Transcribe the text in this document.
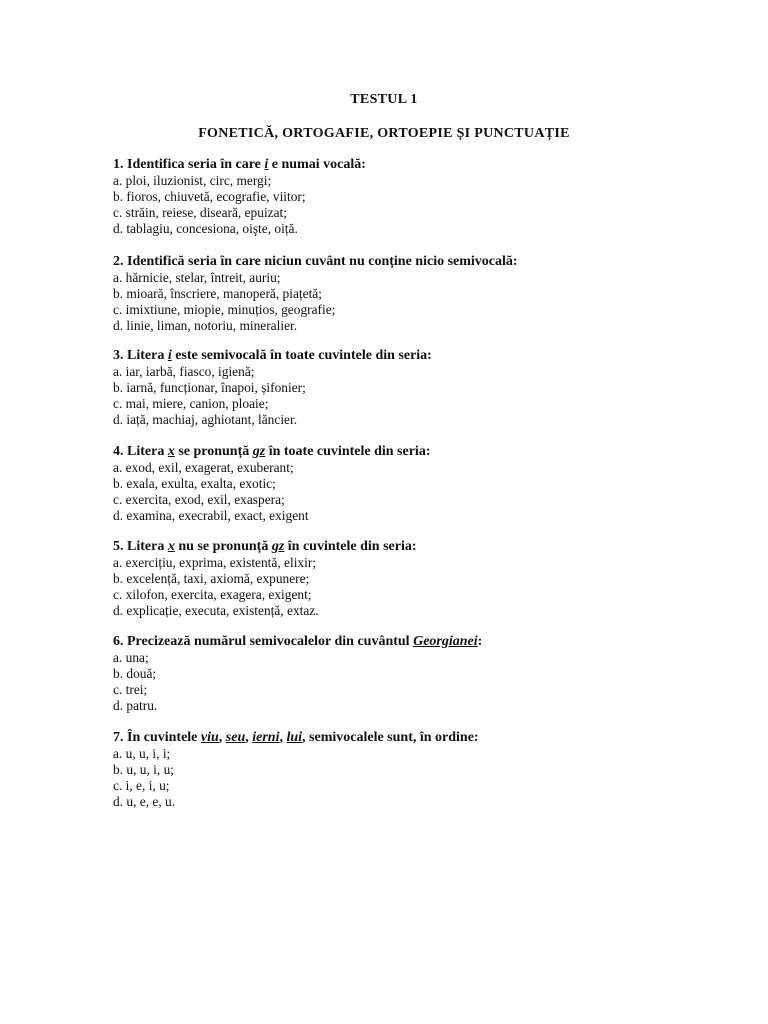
TESTUL 1
FONETICĂ, ORTOGAFIE, ORTOEPIE ȘI PUNCTUAȚIE
1. Identifica seria în care i e numai vocală:
a. ploi, iluzionist, circ, mergi;
b. fioros, chiuvetă, ecografie, viitor;
c. străin, reiese, diseară, epuizat;
d. tablagiu, concesiona, oişte, oiță.
2. Identifică seria în care niciun cuvânt nu conține nicio semivocală:
a. hărnicie, stelar, întreit, auriu;
b. mioară, înscriere, manoperă, piațetă;
c. imixtiune, miopie, minuțios, geografie;
d. linie, liman, notoriu, mineralier.
3. Litera i este semivocală în toate cuvintele din seria:
a. iar, iarbă, fiasco, igienă;
b. iarnă, funcționar, înapoi, șifonier;
c. mai, miere, canion, ploaie;
d. iață, machiaj, aghiotant, lăncier.
4. Litera x se pronunță gz în toate cuvintele din seria:
a. exod, exil, exagerat, exuberant;
b. exala, exulta, exalta, exotic;
c. exercita, exod, exil, exaspera;
d. examina, execrabil, exact, exigent
5. Litera x nu se pronunță gz în cuvintele din seria:
a. exercițiu, exprima, existentă, elixir;
b. excelență, taxi, axiomă, expunere;
c. xilofon, exercita, exagera, exigent;
d. explicație, executa, existență, extaz.
6. Precizează numărul semivocalelor din cuvântul Georgianei:
a. una;
b. două;
c. trei;
d. patru.
7. În cuvintele viu, seu, ierni, lui, semivocalele sunt, în ordine:
a. u, u, i, i;
b. u, u, i, u;
c. i, e, i, u;
d. u, e, e, u.
